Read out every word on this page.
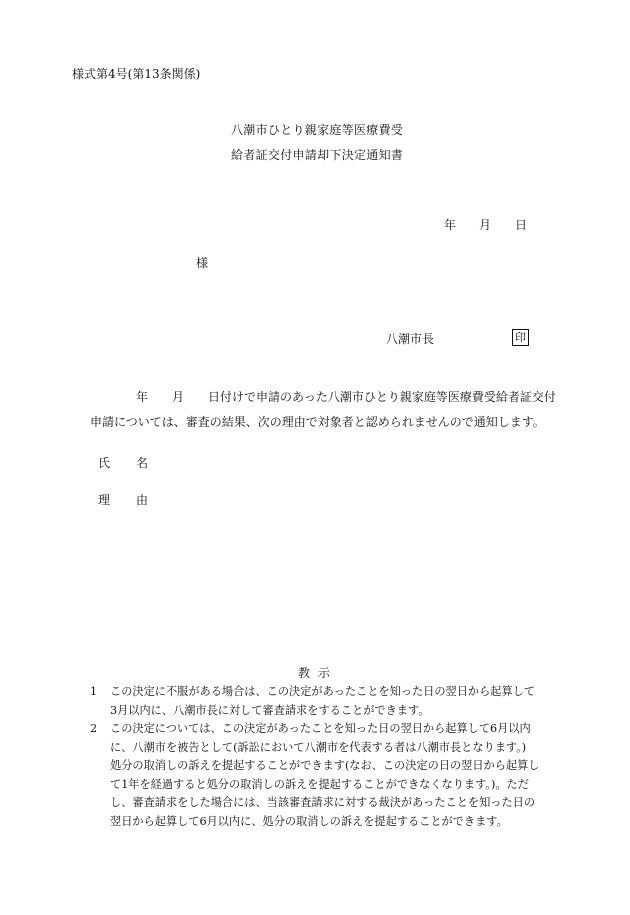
様式第4号(第13条関係)
八潮市ひとり親家庭等医療費受
給者証交付申請却下決定通知書
年 月 日
様
八潮市長	印
年 月 日付けで申請のあった八潮市ひとり親家庭等医療費受給者証交付
申請については、審査の結果、次の理由で対象者と認められませんので通知します。
氏 名
理 由
教示
1 この決定に不服がある場合は、この決定があったことを知った日の翌日から起算して
3月以内に、八潮市長に対して審査請求をすることができます。
2 この決定については、この決定があったことを知った日の翌日から起算して6月以内
に、八潮市を被告として(訴訟において八潮市を代表する者は八潮市長となります。)
処分の取消しの訴えを提起することができます(なお、この決定の日の翌日から起算し
て1年を経過すると処分の取消しの訴えを提起することができなくなります。)。ただ
し、審査請求をした場合には、当該審査請求に対する裁決があったことを知った日の
翌日から起算して6月以内に、処分の取消しの訴えを提起することができます。
